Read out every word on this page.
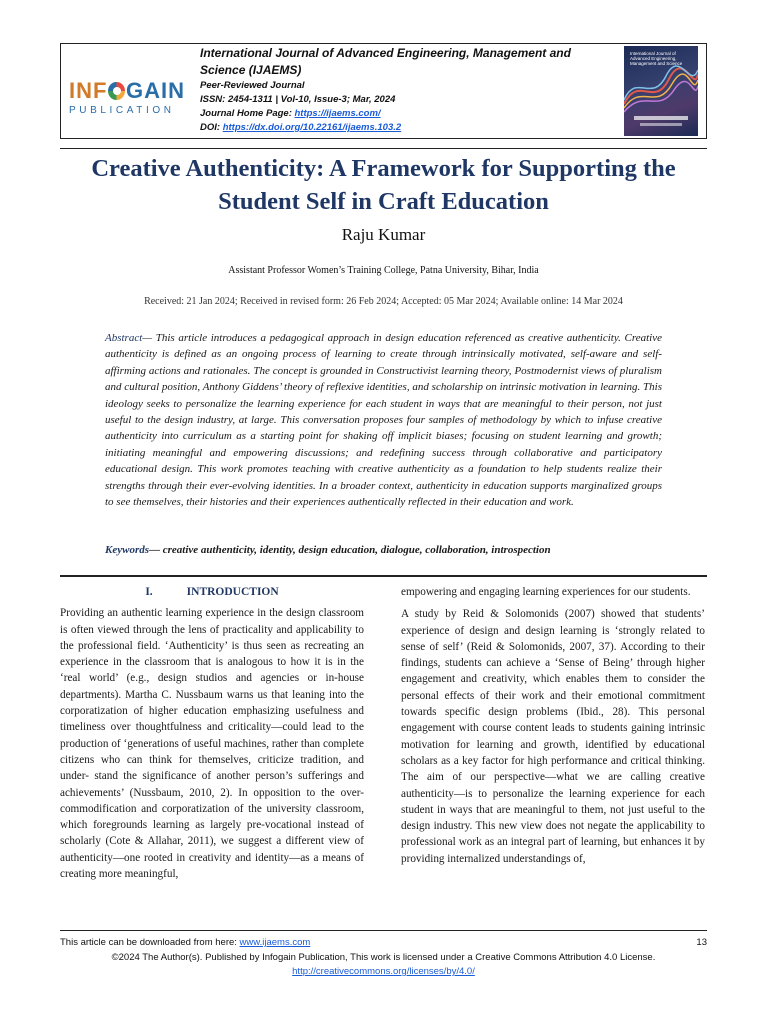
INF GAIN
PUBLICATION
International Journal of Advanced Engineering, Management and Science (IJAEMS)
Peer-Reviewed Journal
ISSN: 2454-1311 | Vol-10, Issue-3; Mar, 2024
Journal Home Page: https://ijaems.com/
DOI: https://dx.doi.org/10.22161/ijaems.103.2
International Journal of Advanced Engineering, Management and Science
Creative Authenticity: A Framework for Supporting the Student Self in Craft Education
Raju Kumar
Assistant Professor Women’s Training College, Patna University, Bihar, India
Received: 21 Jan 2024; Received in revised form: 26 Feb 2024; Accepted: 05 Mar 2024; Available online: 14 Mar 2024
Abstract— This article introduces a pedagogical approach in design education referenced as creative authenticity. Creative authenticity is defined as an ongoing process of learning to create through intrinsically motivated, self-aware and self-affirming actions and rationales. The concept is grounded in Constructivist learning theory, Postmodernist views of pluralism and cultural position, Anthony Giddens’ theory of reflexive identities, and scholarship on intrinsic motivation in learning. This ideology seeks to personalize the learning experience for each student in ways that are meaningful to their person, not just useful to the design industry, at large. This conversation proposes four samples of methodology by which to infuse creative authenticity into curriculum as a starting point for shaking off implicit biases; focusing on student learning and growth; initiating meaningful and empowering discussions; and redefining success through collaborative and participatory educational design. This work promotes teaching with creative authenticity as a foundation to help students realize their strengths through their ever-evolving identities. In a broader context, authenticity in education supports marginalized groups to see themselves, their histories and their experiences authentically reflected in their education and work.
Keywords— creative authenticity, identity, design education, dialogue, collaboration, introspection
I.	INTRODUCTION

Providing an authentic learning experience in the design classroom is often viewed through the lens of practicality and applicability to the professional field. ‘Authenticity’ is thus seen as recreating an experience in the classroom that is analogous to how it is in the ‘real world’ (e.g., design studios and agencies or in-house departments). Martha C. Nussbaum warns us that leaning into the corporatization of higher education emphasizing usefulness and timeliness over thoughtfulness and criticality—could lead to the production of ‘generations of useful machines, rather than complete citizens who can think for themselves, criticize tradition, and under- stand the significance of another person’s sufferings and achievements’ (Nussbaum, 2010, 2). In opposition to the over-commodification and corporatization of the university classroom, which foregrounds learning as largely pre-vocational instead of scholarly (Cote & Allahar, 2011), we suggest a different view of authenticity—one rooted in creativity and identity—as a means of creating more meaningful,

empowering and engaging learning experiences for our students.

A study by Reid & Solomonids (2007) showed that students’ experience of design and design learning is ‘strongly related to sense of self’ (Reid & Solomonids, 2007, 37). According to their findings, students can achieve a ‘Sense of Being’ through higher engagement and creativity, which enables them to consider the personal effects of their work and their emotional commitment towards specific design problems (Ibid., 28). This personal engagement with course content leads to students gaining intrinsic motivation for learning and growth, identified by educational scholars as a key factor for high performance and critical thinking. The aim of our perspective—what we are calling creative authenticity—is to personalize the learning experience for each student in ways that are meaningful to them, not just useful to the design industry. This new view does not negate the applicability to professional work as an integral part of learning, but enhances it by providing internalized understandings of,

This article can be downloaded from here: www.ijaems.com	13
©2024 The Author(s). Published by Infogain Publication, This work is licensed under a Creative Commons Attribution 4.0 License.
http://creativecommons.org/licenses/by/4.0/
